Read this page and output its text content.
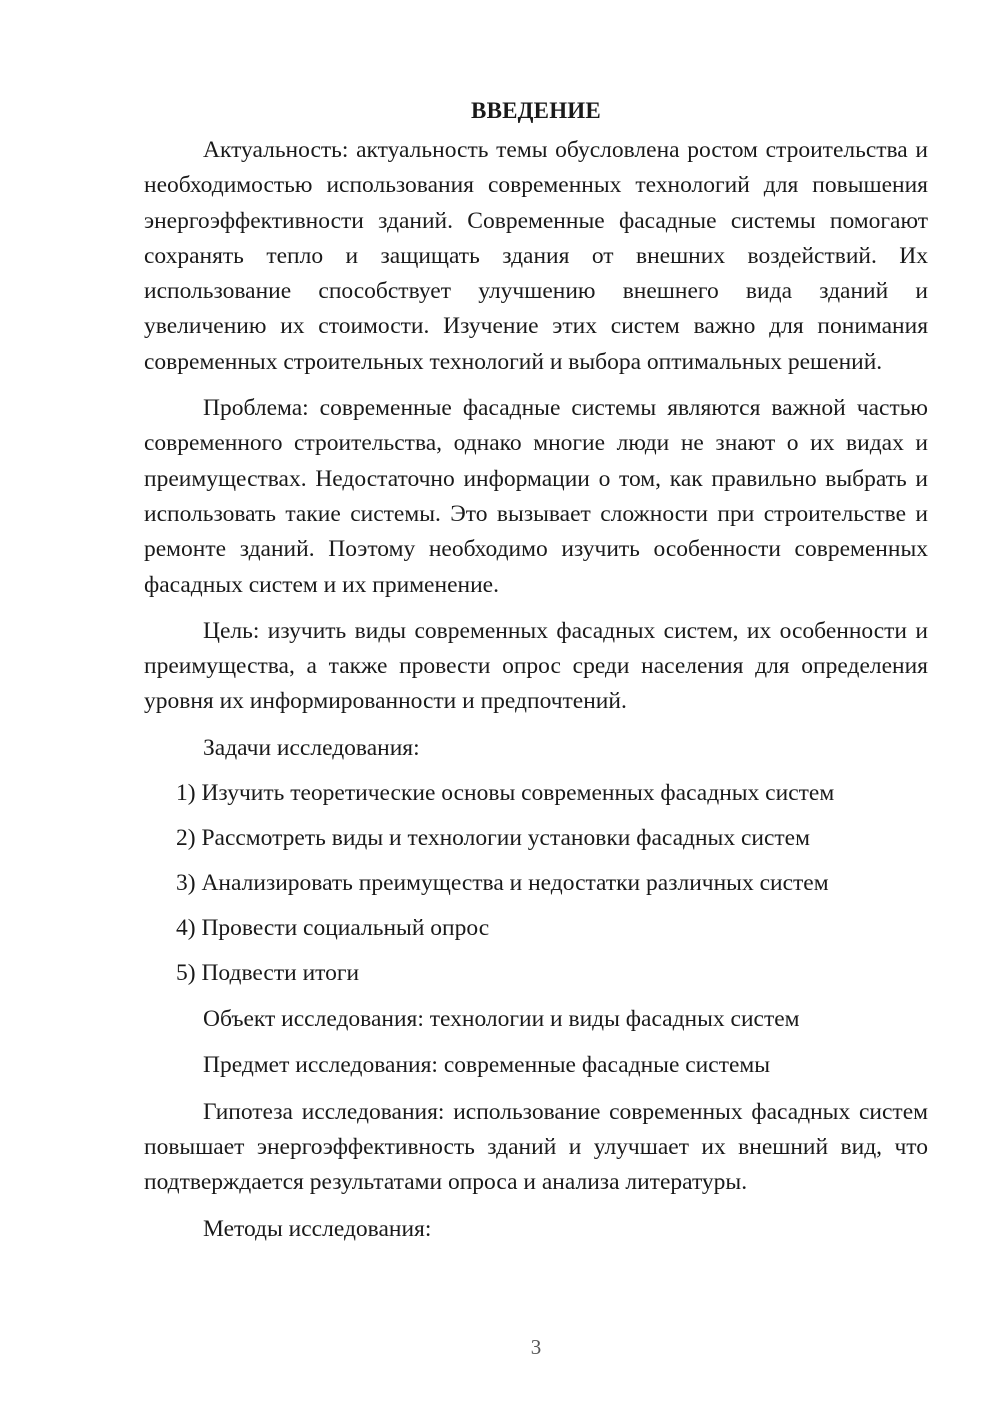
ВВЕДЕНИЕ

Актуальность: актуальность темы обусловлена ростом строительства и необходимостью использования современных технологий для повышения энергоэффективности зданий. Современные фасадные системы помогают сохранять тепло и защищать здания от внешних воздействий. Их использование способствует улучшению внешнего вида зданий и увеличению их стоимости. Изучение этих систем важно для понимания современных строительных технологий и выбора оптимальных решений.

Проблема: современные фасадные системы являются важной частью современного строительства, однако многие люди не знают о их видах и преимуществах. Недостаточно информации о том, как правильно выбрать и использовать такие системы. Это вызывает сложности при строительстве и ремонте зданий. Поэтому необходимо изучить особенности современных фасадных систем и их применение.

Цель: изучить виды современных фасадных систем, их особенности и преимущества, а также провести опрос среди населения для определения уровня их информированности и предпочтений.

Задачи исследования:

1) Изучить теоретические основы современных фасадных систем
2) Рассмотреть виды и технологии установки фасадных систем
3) Анализировать преимущества и недостатки различных систем
4) Провести социальный опрос
5) Подвести итоги

Объект исследования: технологии и виды фасадных систем

Предмет исследования: современные фасадные системы

Гипотеза исследования: использование современных фасадных систем повышает энергоэффективность зданий и улучшает их внешний вид, что подтверждается результатами опроса и анализа литературы.

Методы исследования:

3
